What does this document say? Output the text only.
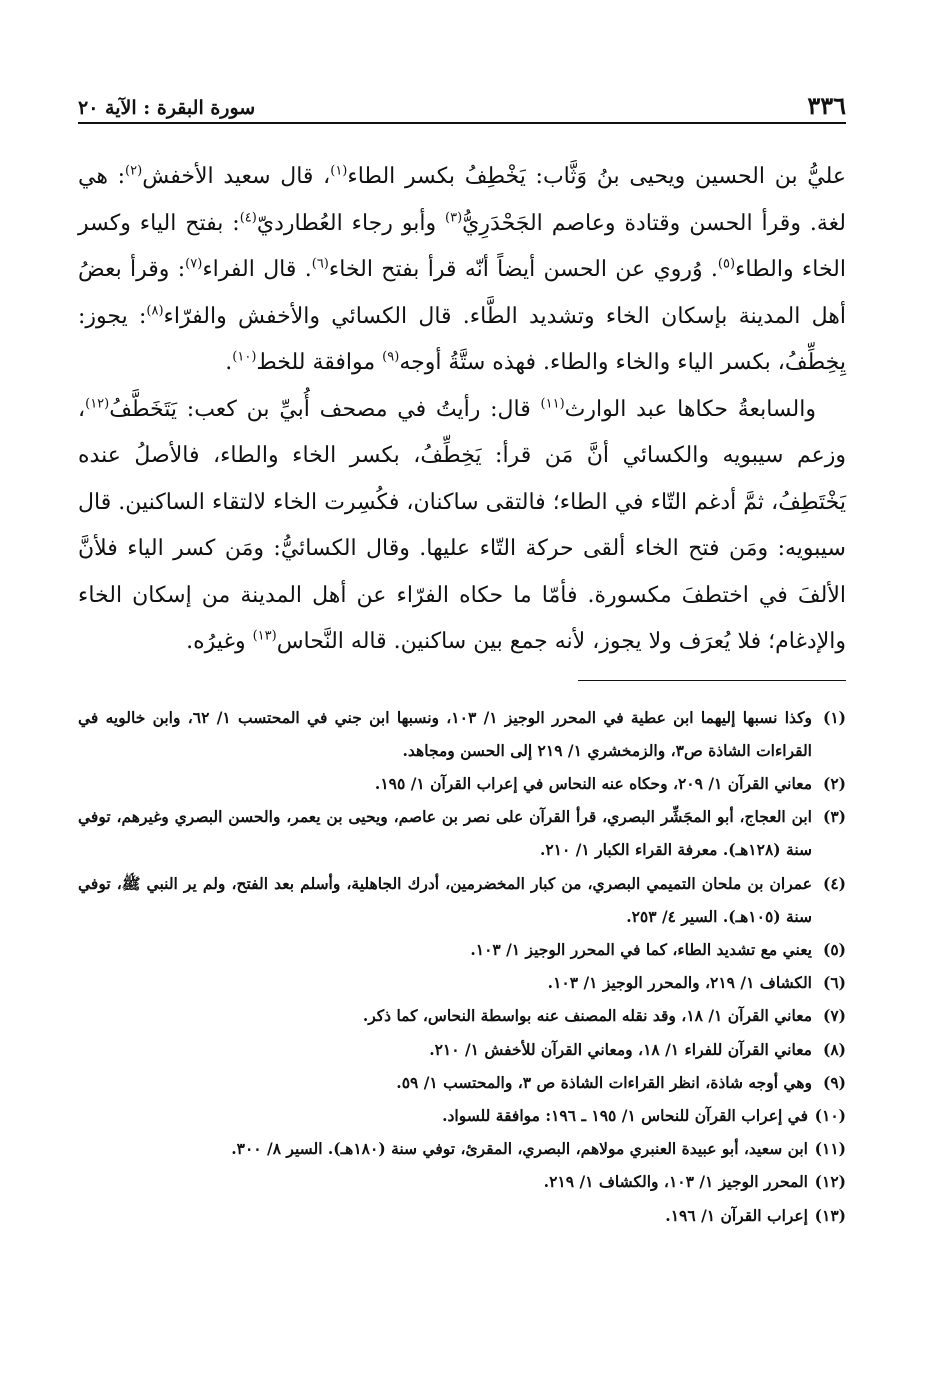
٣٣٦
سورة البقرة : الآية ٢٠

عليُّ بن الحسين ويحيى بنُ وَثَّاب: يَخْطِفُ بكسر الطاء$^{(١)}$، قال سعيد الأخفش$^{(٢)}$: هي لغة. وقرأ الحسن وقتادة وعاصم الجَحْدَرِيُّ$^{(٣)}$ وأبو رجاء العُطارديّ$^{(٤)}$: بفتح الياء وكسر الخاء والطاء$^{(٥)}$. وُروي عن الحسن أيضاً أنّه قرأ بفتح الخاء$^{(٦)}$. قال الفراء$^{(٧)}$: وقرأ بعضُ أهل المدينة بإسكان الخاء وتشديد الطَّاء. قال الكسائي والأخفش والفرّاء$^{(٨)}$: يجوز: يِخِطِّفُ، بكسر الياء والخاء والطاء. فهذه ستَّةُ أوجه$^{(٩)}$ موافقة للخط$^{(١٠)}$.

والسابعةُ حكاها عبد الوارث$^{(١١)}$ قال: رأيتُ في مصحف أُبيِّ بن كعب: يَتَخَطَّفُ$^{(١٢)}$، وزعم سيبويه والكسائي أنَّ مَن قرأ: يَخِطِّفُ، بكسر الخاء والطاء، فالأصلُ عنده يَخْتَطِفُ، ثمَّ أدغم التّاء في الطاء؛ فالتقى ساكنان، فكُسِرت الخاء لالتقاء الساكنين. قال سيبويه: ومَن فتح الخاء ألقى حركة التّاء عليها. وقال الكسائيُّ: ومَن كسر الياء فلأنَّ الألفَ في اختطفَ مكسورة. فأمّا ما حكاه الفرّاء عن أهل المدينة من إسكان الخاء والإدغام؛ فلا يُعرَف ولا يجوز، لأنه جمع بين ساكنين. قاله النَّحاس$^{(١٣)}$ وغيرُه.

(١)
وكذا نسبها إليهما ابن عطية في المحرر الوجيز ١/ ١٠٣، ونسبها ابن جني في المحتسب ١/ ٦٢، وابن خالويه في القراءات الشاذة ص٣، والزمخشري ١/ ٢١٩ إلى الحسن ومجاهد.
(٢)
معاني القرآن ١/ ٢٠٩، وحكاه عنه النحاس في إعراب القرآن ١/ ١٩٥.
(٣)
ابن العجاج، أبو المجَشِّر البصري، قرأ القرآن على نصر بن عاصم، ويحيى بن يعمر، والحسن البصري وغيرهم، توفي سنة (١٢٨هـ). معرفة القراء الكبار ١/ ٢١٠.
(٤)
عمران بن ملحان التميمي البصري، من كبار المخضرمين، أدرك الجاهلية، وأسلم بعد الفتح، ولم ير النبي ﷺ، توفي سنة (١٠٥هـ). السير ٤/ ٢٥٣.
(٥)
يعني مع تشديد الطاء، كما في المحرر الوجيز ١/ ١٠٣.
(٦)
الكشاف ١/ ٢١٩، والمحرر الوجيز ١/ ١٠٣.
(٧)
معاني القرآن ١/ ١٨، وقد نقله المصنف عنه بواسطة النحاس، كما ذكر.
(٨)
معاني القرآن للفراء ١/ ١٨، ومعاني القرآن للأخفش ١/ ٢١٠.
(٩)
وهي أوجه شاذة، انظر القراءات الشاذة ص ٣، والمحتسب ١/ ٥٩.
(١٠)
في إعراب القرآن للنحاس ١/ ١٩٥ ـ ١٩٦: موافقة للسواد.
(١١)
ابن سعيد، أبو عبيدة العنبري مولاهم، البصري، المقرئ، توفي سنة (١٨٠هـ). السير ٨/ ٣٠٠.
(١٢)
المحرر الوجيز ١/ ١٠٣، والكشاف ١/ ٢١٩.
(١٣)
إعراب القرآن ١/ ١٩٦.
